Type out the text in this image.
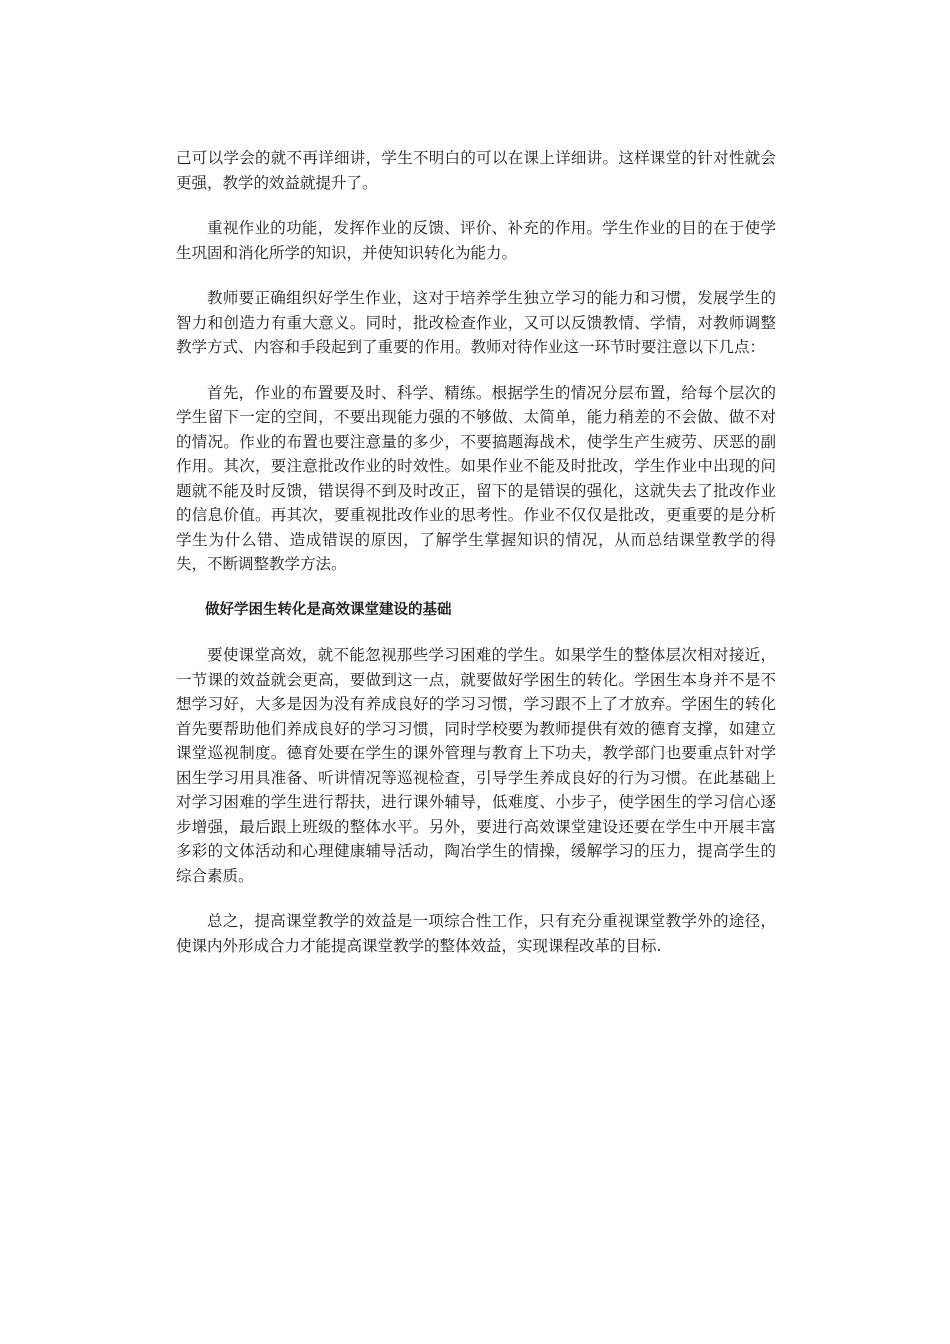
己可以学会的就不再详细讲，学生不明白的可以在课上详细讲。这样课堂的针对性就会更强，教学的效益就提升了。

重视作业的功能，发挥作业的反馈、评价、补充的作用。学生作业的目的在于使学生巩固和消化所学的知识，并使知识转化为能力。

教师要正确组织好学生作业，这对于培养学生独立学习的能力和习惯，发展学生的智力和创造力有重大意义。同时，批改检查作业，又可以反馈教情、学情，对教师调整教学方式、内容和手段起到了重要的作用。教师对待作业这一环节时要注意以下几点：

首先，作业的布置要及时、科学、精练。根据学生的情况分层布置，给每个层次的学生留下一定的空间，不要出现能力强的不够做、太简单，能力稍差的不会做、做不对的情况。作业的布置也要注意量的多少，不要搞题海战术，使学生产生疲劳、厌恶的副作用。其次，要注意批改作业的时效性。如果作业不能及时批改，学生作业中出现的问题就不能及时反馈，错误得不到及时改正，留下的是错误的强化，这就失去了批改作业的信息价值。再其次，要重视批改作业的思考性。作业不仅仅是批改，更重要的是分析学生为什么错、造成错误的原因，了解学生掌握知识的情况，从而总结课堂教学的得失，不断调整教学方法。

做好学困生转化是高效课堂建设的基础

要使课堂高效，就不能忽视那些学习困难的学生。如果学生的整体层次相对接近，一节课的效益就会更高，要做到这一点，就要做好学困生的转化。学困生本身并不是不想学习好，大多是因为没有养成良好的学习习惯，学习跟不上了才放弃。学困生的转化首先要帮助他们养成良好的学习习惯，同时学校要为教师提供有效的德育支撑，如建立课堂巡视制度。德育处要在学生的课外管理与教育上下功夫，教学部门也要重点针对学困生学习用具准备、听讲情况等巡视检查，引导学生养成良好的行为习惯。在此基础上对学习困难的学生进行帮扶，进行课外辅导，低难度、小步子，使学困生的学习信心逐步增强，最后跟上班级的整体水平。另外，要进行高效课堂建设还要在学生中开展丰富多彩的文体活动和心理健康辅导活动，陶冶学生的情操，缓解学习的压力，提高学生的综合素质。

总之，提高课堂教学的效益是一项综合性工作，只有充分重视课堂教学外的途径，使课内外形成合力才能提高课堂教学的整体效益，实现课程改革的目标.
